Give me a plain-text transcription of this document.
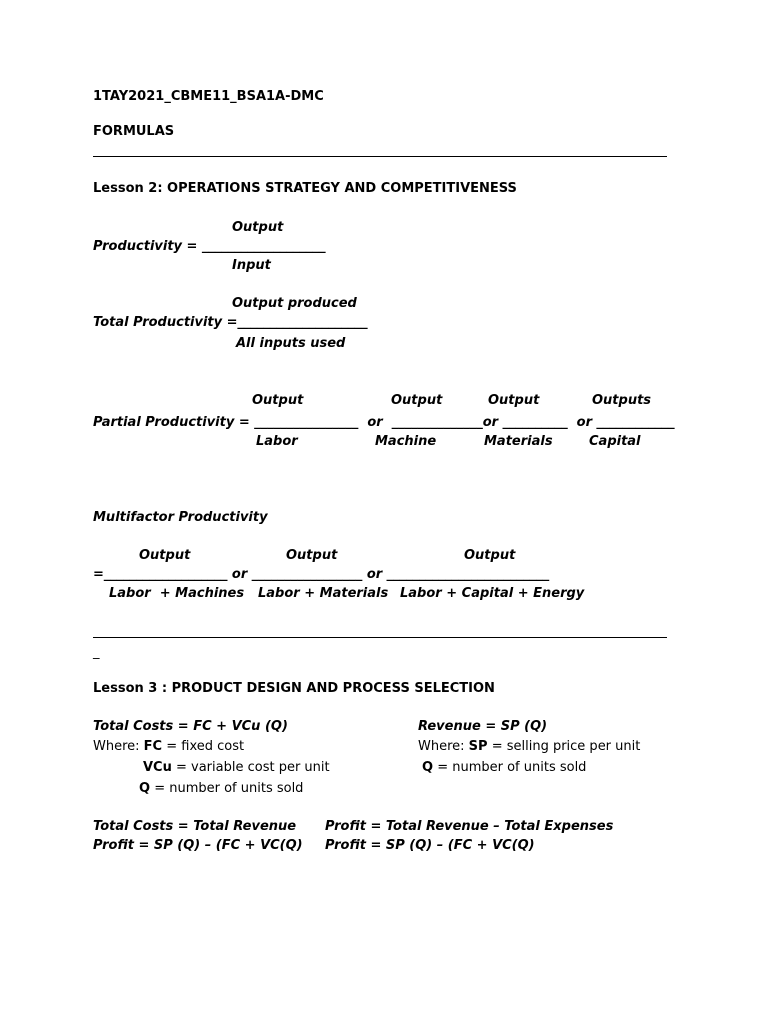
1TAY2021_CBME11_BSA1A-DMC
FORMULAS
Lesson 2: OPERATIONS STRATEGY AND COMPETITIVENESS
Output
Productivity = ___________________
Input
Output produced
Total Productivity =____________________
All inputs used
Output	Output	Output	Outputs
Partial Productivity = ________________  or  ______________or __________  or ____________
Labor	Machine	Materials	Capital
Multifactor Productivity
Output	Output	Output
=___________________ or _________________ or _________________________
Labor  + Machines Labor + Materials Labor + Capital + Energy
_
Lesson 3 : PRODUCT DESIGN AND PROCESS SELECTION
Total Costs = FC + VCu (Q)
Where: FC = fixed cost
VCu = variable cost per unit
Q = number of units sold
Revenue = SP (Q)
Where: SP = selling price per unit
Q = number of units sold
Total Costs = Total Revenue
Profit = SP (Q) – (FC + VC(Q)
Profit = Total Revenue – Total Expenses
Profit = SP (Q) – (FC + VC(Q)
